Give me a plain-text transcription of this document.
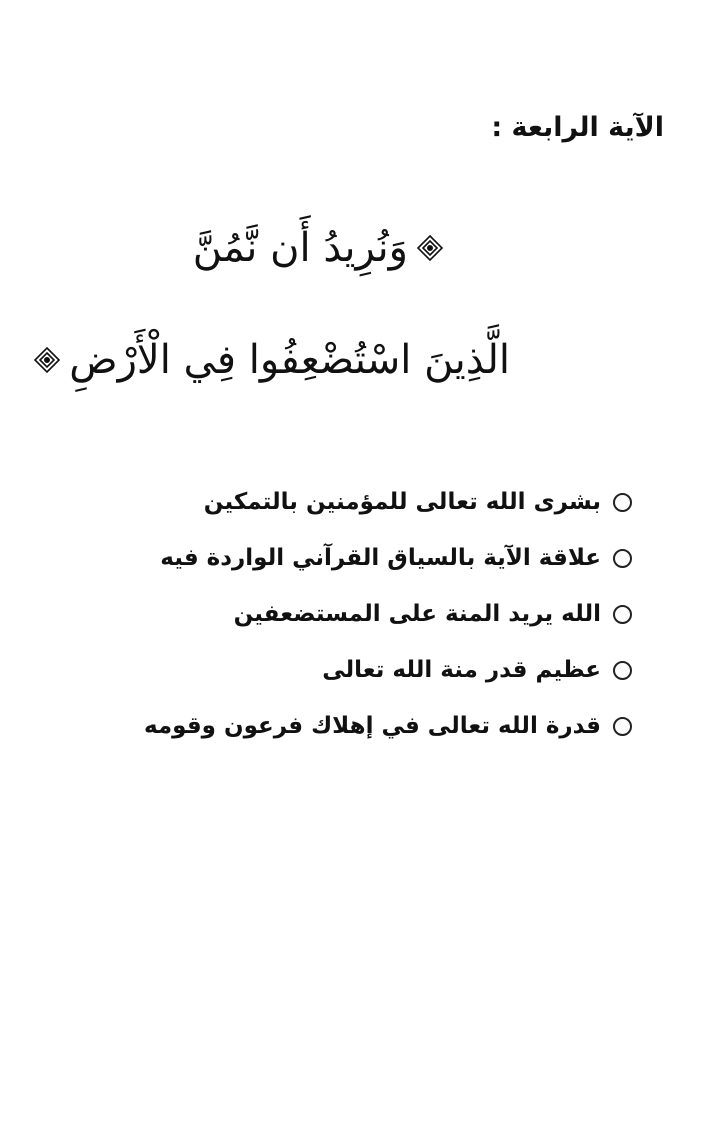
الآية الرابعة :
وَنُرِيدُ أَن نَّمُنَّ
الَّذِينَ اسْتُضْعِفُوا فِي الْأَرْضِ
بشرى الله تعالى للمؤمنين بالتمكين
علاقة الآية بالسياق القرآني الواردة فيه
الله يريد المنة على المستضعفين
عظيم قدر منة الله تعالى
قدرة الله تعالى في إهلاك فرعون وقومه
